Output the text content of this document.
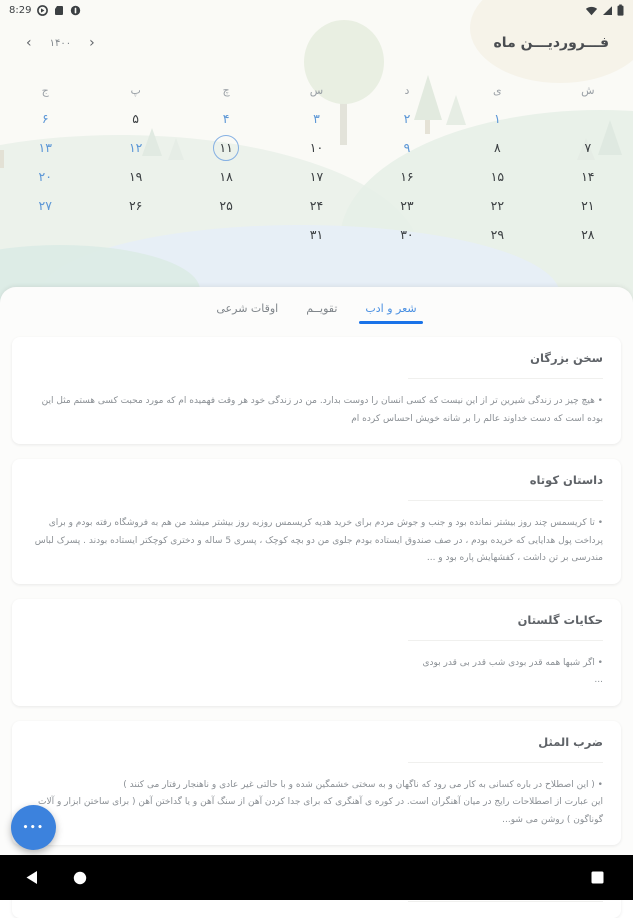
8:29
‹	۱۴۰۰ ›	فـــروردیـــن ماه
ش
ی
د
س
چ
پ
ج
۱
۲
۳
۴
۵
۶
۷
۸
۹
۱۰
۱۱
۱۲
۱۳
۱۴
۱۵
۱۶
۱۷
۱۸
۱۹
۲۰
۲۱
۲۲
۲۳
۲۴
۲۵
۲۶
۲۷
۲۸
۲۹
۳۰
۳۱
شعر و ادب
تقویــم
اوقات شرعی
سخن بزرگان

• هیچ چیز در زندگی شیرین تر از این نیست که کسی انسان را دوست بدارد. من در زندگی خود هر وقت فهمیده ام که مورد محبت کسی هستم مثل این بوده است که دست خداوند عالم را بر شانه خویش احساس کرده ام

داستان کوتاه

• تا کریسمس چند روز بیشتر نمانده بود و جنب و جوش مردم برای خرید هدیه کریسمس روزبه روز بیشتر میشد من هم به فروشگاه رفته بودم و برای پرداخت پول هدایایی که خریده بودم ، در صف صندوق ایستاده بودم جلوی من دو بچه کوچک ، پسری 5 ساله و دختری کوچکتر ایستاده بودند . پسرک لباس مندرسی بر تن داشت ، کفشهایش پاره بود و ...

حکایات گلستان

• اگر شبها همه قدر بودی شب قدر بی قدر بودی

...

ضرب المثل

• ( این اصطلاح در باره کسانی به کار می رود که ناگهان و به سختی خشمگین شده و با حالتی غیر عادی و ناهنجار رفتار می کنند )

این عبارت از اصطلاحات رایج در میان آهنگران است. در کوره ی آهنگری که برای جدا کردن آهن از سنگ آهن و یا گداختن آهن ( برای ساختن ابزار و آلات گوناگون ) روشن می شو...

•••
